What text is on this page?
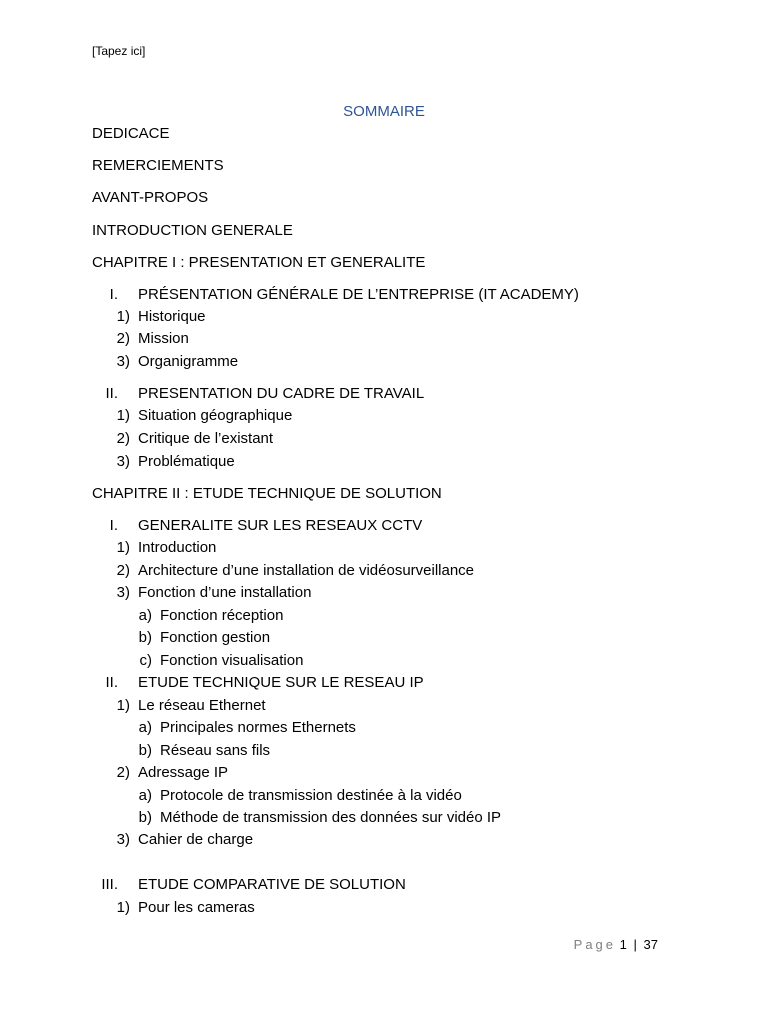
[Tapez ici]
SOMMAIRE
DEDICACE
REMERCIEMENTS
AVANT-PROPOS
INTRODUCTION GENERALE
CHAPITRE I : PRESENTATION ET GENERALITE
I. PRÉSENTATION GÉNÉRALE DE L’ENTREPRISE (IT ACADEMY)
1) Historique
2) Mission
3) Organigramme
II. PRESENTATION DU CADRE DE TRAVAIL
1) Situation géographique
2) Critique de l’existant
3) Problématique
CHAPITRE II : ETUDE TECHNIQUE DE SOLUTION
I. GENERALITE SUR LES RESEAUX CCTV
1) Introduction
2) Architecture d’une installation de vidéosurveillance
3) Fonction d’une installation
a) Fonction réception
b) Fonction gestion
c) Fonction visualisation
II. ETUDE TECHNIQUE SUR LE RESEAU IP
1) Le réseau Ethernet
a) Principales normes Ethernets
b) Réseau sans fils
2) Adressage IP
a) Protocole de transmission destinée à la vidéo
b) Méthode de transmission des données sur vidéo IP
3) Cahier de charge
III. ETUDE COMPARATIVE DE SOLUTION
1) Pour les cameras
Page 1 | 37
